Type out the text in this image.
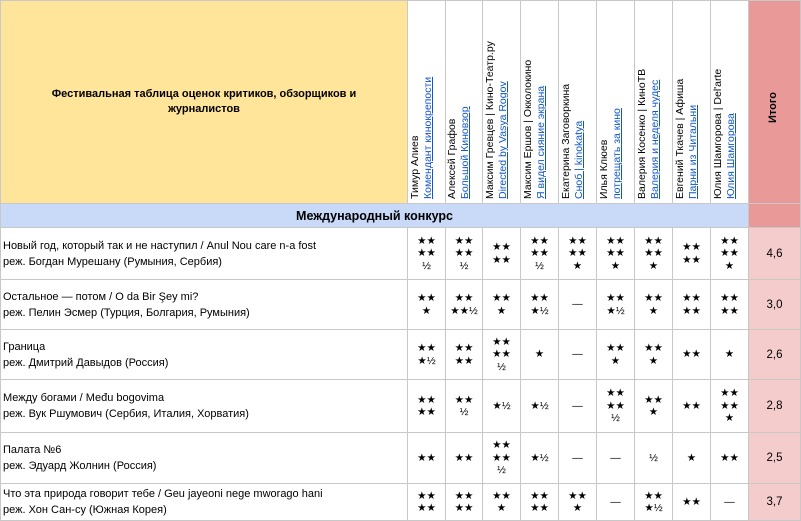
Фестивальная таблица оценок критиков, обзорщиков и журналистов	Тимур Алиев Комендант кинокрепости	Алексей Графов Большой Киновзор	Максим Гревцев | Кино-Театр.ру Directed by Vasya Rogov	Максим Ершов | Окколокино Я видел сияние экрана	Екатерина Заговоркина Сноб | kinokatya	Илья Клюев потрещать за кино	Валерия Косенко | КиноТВ Валерия и неделя чудес	Евгений Ткачев | Афиша Парни из Читальни	Юлия Шамгорова | Del'arte Юлия Шамгорова	Итого

Международный конкурс										

Новый год, который так и не наступил / Anul Nou care n-a fost
реж. Богдан Мурешану (Румыния, Сербия)	★★
★★
½	★★
★★
½	★★
★★	★★
★★
½	★★
★★
★	★★
★★
★	★★
★★
★	★★
★★	★★
★★
★	4,6

Остальное — потом / O da Bir Şey mi?
реж. Пелин Эсмер (Турция, Болгария, Румыния)	★★
★	★★
★★½	★★
★	★★
★½	—	★★
★½	★★
★	★★
★★	★★
★★	3,0

Граница
реж. Дмитрий Давыдов (Россия)	★★
★½	★★
★★	★★
★★
½	★	—	★★
★	★★
★	★★	★	2,6

Между богами / Među bogovima
реж. Вук Ршумович (Сербия, Италия, Хорватия)	★★
★★	★★
½	★½	★½	—	★★
★★
½	★★
★	★★	★★
★★
★	2,8

Палата №6
реж. Эдуард Жолнин (Россия)	★★	★★	★★
★★
½	★½	—	—	½	★	★★	2,5

Что эта природа говорит тебе / Geu jayeoni nege mworago hani
реж. Хон Сан-су (Южная Корея)	★★
★★	★★
★★	★★
★	★★
★★	★★
★	—	★★
★½	★★	—	3,7
